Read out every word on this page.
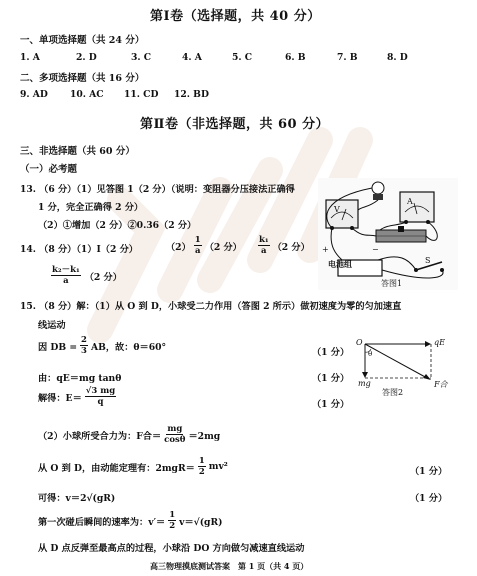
第Ⅰ卷（选择题，共 40 分）
一、单项选择题（共 24 分）
1. A	2. D	3. C	4. A	5. C	6. B	7. B	8. D
二、多项选择题（共 16 分）
9. AD 10. AC 11. CD 12. BD
第Ⅱ卷（非选择题，共 60 分）
三、非选择题（共 60 分）
（一）必考题
13. （6 分）（1）见答图 1（2 分）（说明：变阻器分压接法正确得
1 分，完全正确得 2 分）
（2）①增加（2 分）②0.36（2 分）
电池组
V
A
S
+	−
答图1
14. （8 分）（1）I（2 分）	$(2) \frac{1}{a} (2$ 分） $\frac{\text{k₁}}{a} (2$ 分）
$\frac{\text{k₂－k₁}}{a} (2$ 分）
15. （8 分）解：（1）从 O 到 D，小球受二力作用（答图 2 所示）做初速度为零的匀加速直
线运动
因 DB = $\frac{2}{3}$ AB，故：θ＝60°	（1 分）
由：qE＝mg tanθ	（1 分）
解得：$E= \frac{√3 mg}{q}$	（1 分）
O
θ
qE
mg	F合
答图2
（2）小球所受合力为：F合＝ $\frac{mg}{\cos\theta} =2mg$
从 O 到 D，由动能定理有：$2mgR= \frac{1}{2} mv^2$	（1 分）
可得：v＝2√(gR)	（1 分）
第一次碰后瞬间的速率为：$v'= \frac{1}{2} v=√(gR)$
从 D 点反弹至最高点的过程，小球沿 DO 方向做匀减速直线运动
高三物理摸底测试答案　第 1 页（共 4 页）
